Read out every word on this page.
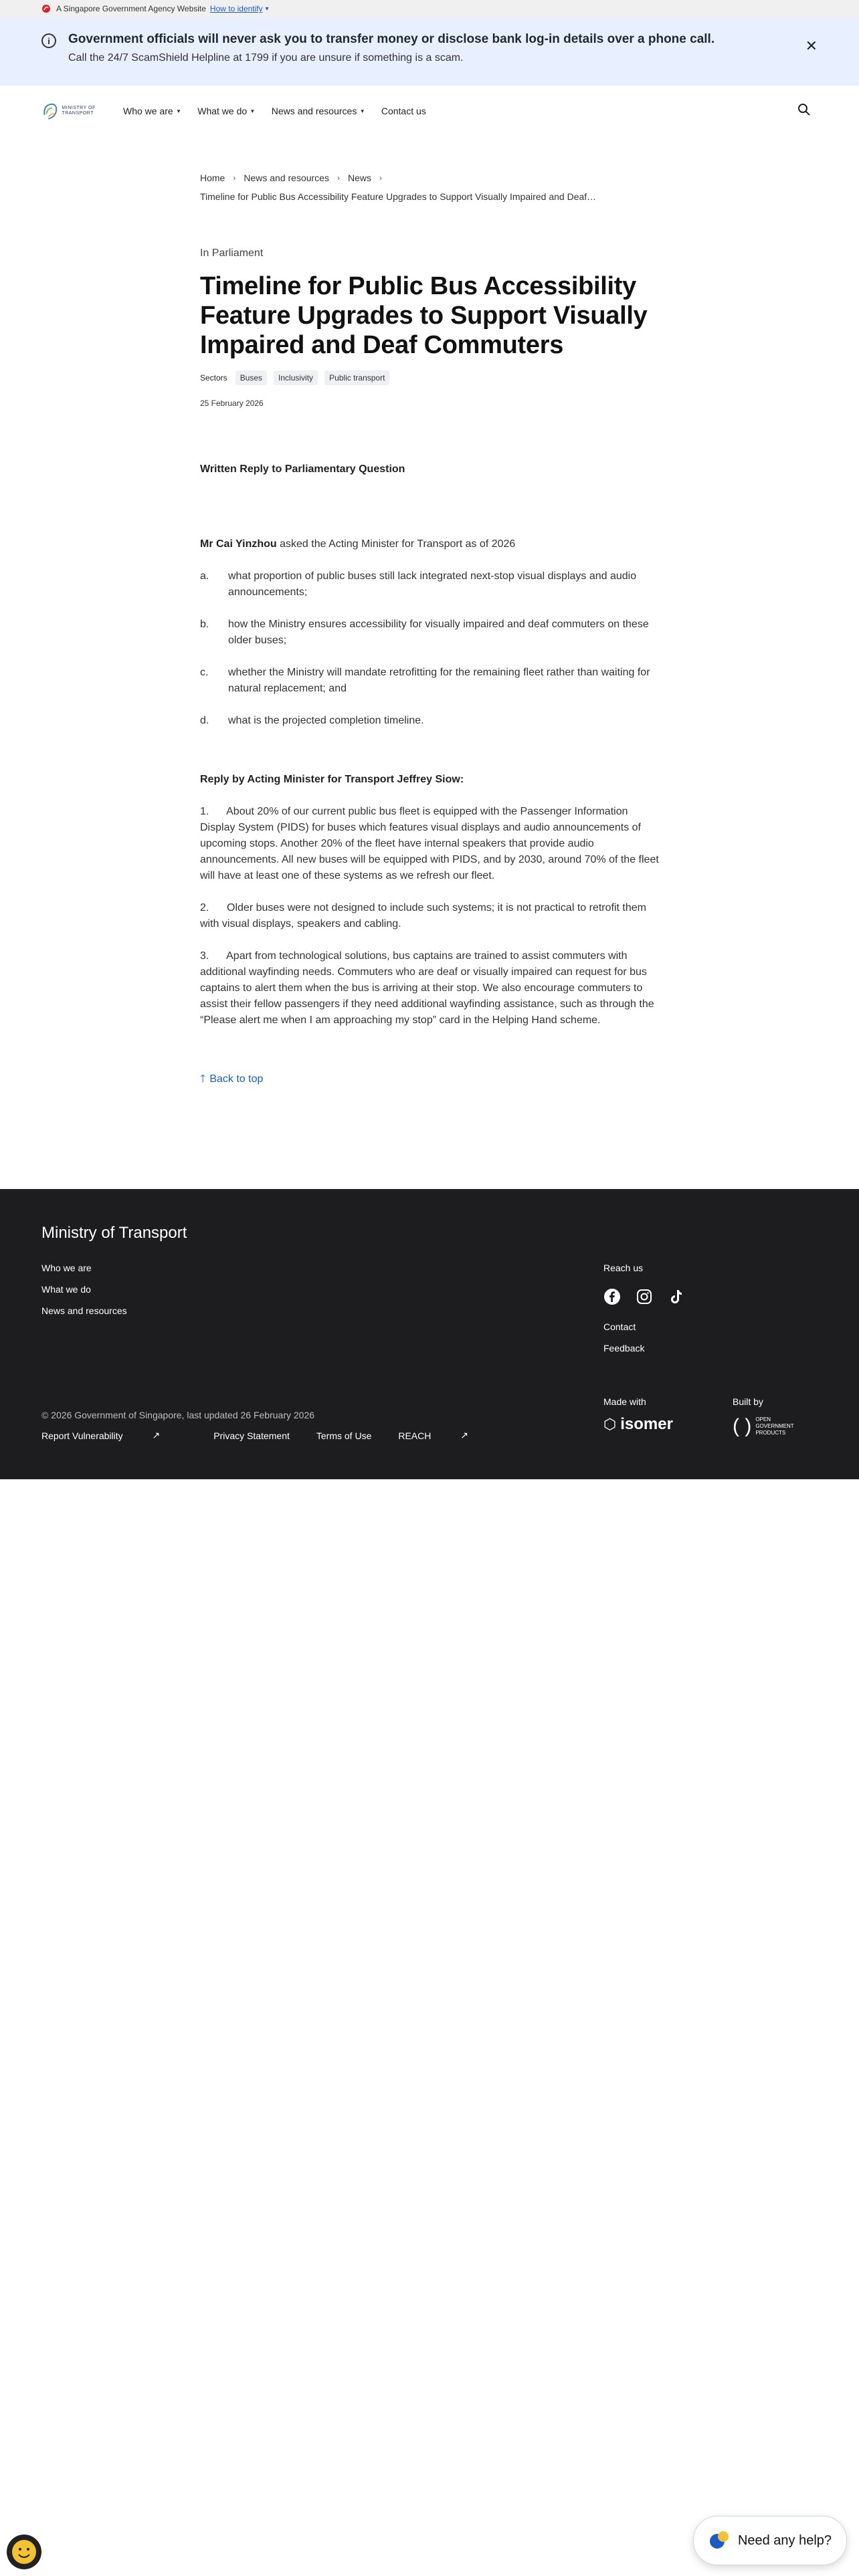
A Singapore Government Agency Website How to identify ▾
i	Government officials will never ask you to transfer money or disclose bank log-in details over a phone call.
Call the 24/7 ScamShield Helpline at 1799 if you are unsure if something is a scam.
✕
MINISTRY OF TRANSPORT	Who we are ▾ What we do ▾ News and resources ▾ Contact us
Home › News and resources › News ›
Timeline for Public Bus Accessibility Feature Upgrades to Support Visually Impaired and Deaf…
In Parliament
Timeline for Public Bus Accessibility Feature Upgrades to Support Visually Impaired and Deaf Commuters
Sectors	Buses	Inclusivity	Public transport
25 February 2026
Written Reply to Parliamentary Question
Mr Cai Yinzhou asked the Acting Minister for Transport as of 2026
a.	what proportion of public buses still lack integrated next-stop visual displays and audio announcements;
b.	how the Ministry ensures accessibility for visually impaired and deaf commuters on these older buses;
c.	whether the Ministry will mandate retrofitting for the remaining fleet rather than waiting for natural replacement; and
d.	what is the projected completion timeline.
Reply by Acting Minister for Transport Jeffrey Siow:
1.      About 20% of our current public bus fleet is equipped with the Passenger Information Display System (PIDS) for buses which features visual displays and audio announcements of upcoming stops. Another 20% of the fleet have internal speakers that provide audio announcements. All new buses will be equipped with PIDS, and by 2030, around 70% of the fleet will have at least one of these systems as we refresh our fleet.
2.      Older buses were not designed to include such systems; it is not practical to retrofit them with visual displays, speakers and cabling.
3.      Apart from technological solutions, bus captains are trained to assist commuters with additional wayfinding needs. Commuters who are deaf or visually impaired can request for bus captains to alert them when the bus is arriving at their stop. We also encourage commuters to assist their fellow passengers if they need additional wayfinding assistance, such as through the “Please alert me when I am approaching my stop” card in the Helping Hand scheme.
🡑 Back to top
Ministry of Transport
Who we are
What we do
News and resources
Reach us
Contact
Feedback
© 2026 Government of Singapore, last updated 26 February 2026
Report Vulnerability
	↗	Privacy Statement	Terms of Use	REACH
	↗
Made with
⬡ isomer
Built by
( ) OPEN GOVERNMENT PRODUCTS
Need any help?
